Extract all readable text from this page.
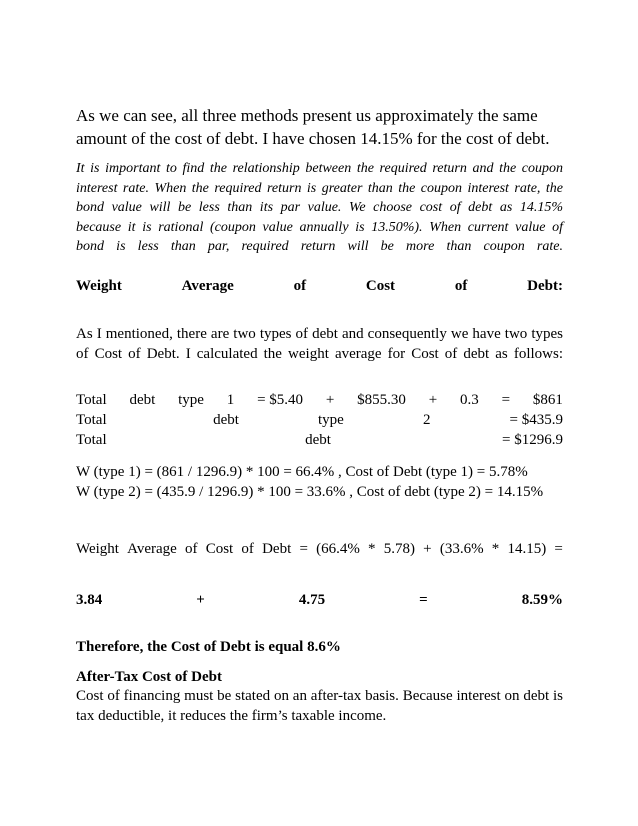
As we can see, all three methods present us approximately the same
amount of the cost of debt. I have chosen 14.15% for the cost of debt.
It is important to find the relationship between the required return and the coupon
interest rate. When the required return is greater than the coupon interest rate, the
bond value will be less than its par value. We choose cost of debt as 14.15%
because it is rational (coupon value annually is 13.50%). When current value of
bond is less than par, required return will be more than coupon rate.
Weight	Average	of	Cost	of	Debt:
As I mentioned, there are two types of debt and consequently we have two types
of Cost of Debt. I calculated the weight average for Cost of debt as follows:
Total debt type 1 = $5.40 + $855.30 + 0.3 = $861
Total	debt	type	2	= $435.9
Total	debt	= $1296.9
W (type 1) = (861 / 1296.9) * 100 = 66.4% , Cost of Debt (type 1) = 5.78%
W (type 2) = (435.9 / 1296.9) * 100 = 33.6% , Cost of debt (type 2) = 14.15%
Weight Average of Cost of Debt = (66.4% * 5.78) + (33.6% * 14.15) =
3.84	+	4.75	=	8.59%
Therefore, the Cost of Debt is equal 8.6%
After-Tax Cost of Debt
Cost of financing must be stated on an after-tax basis. Because interest on debt is
tax deductible, it reduces the firm’s taxable income.
